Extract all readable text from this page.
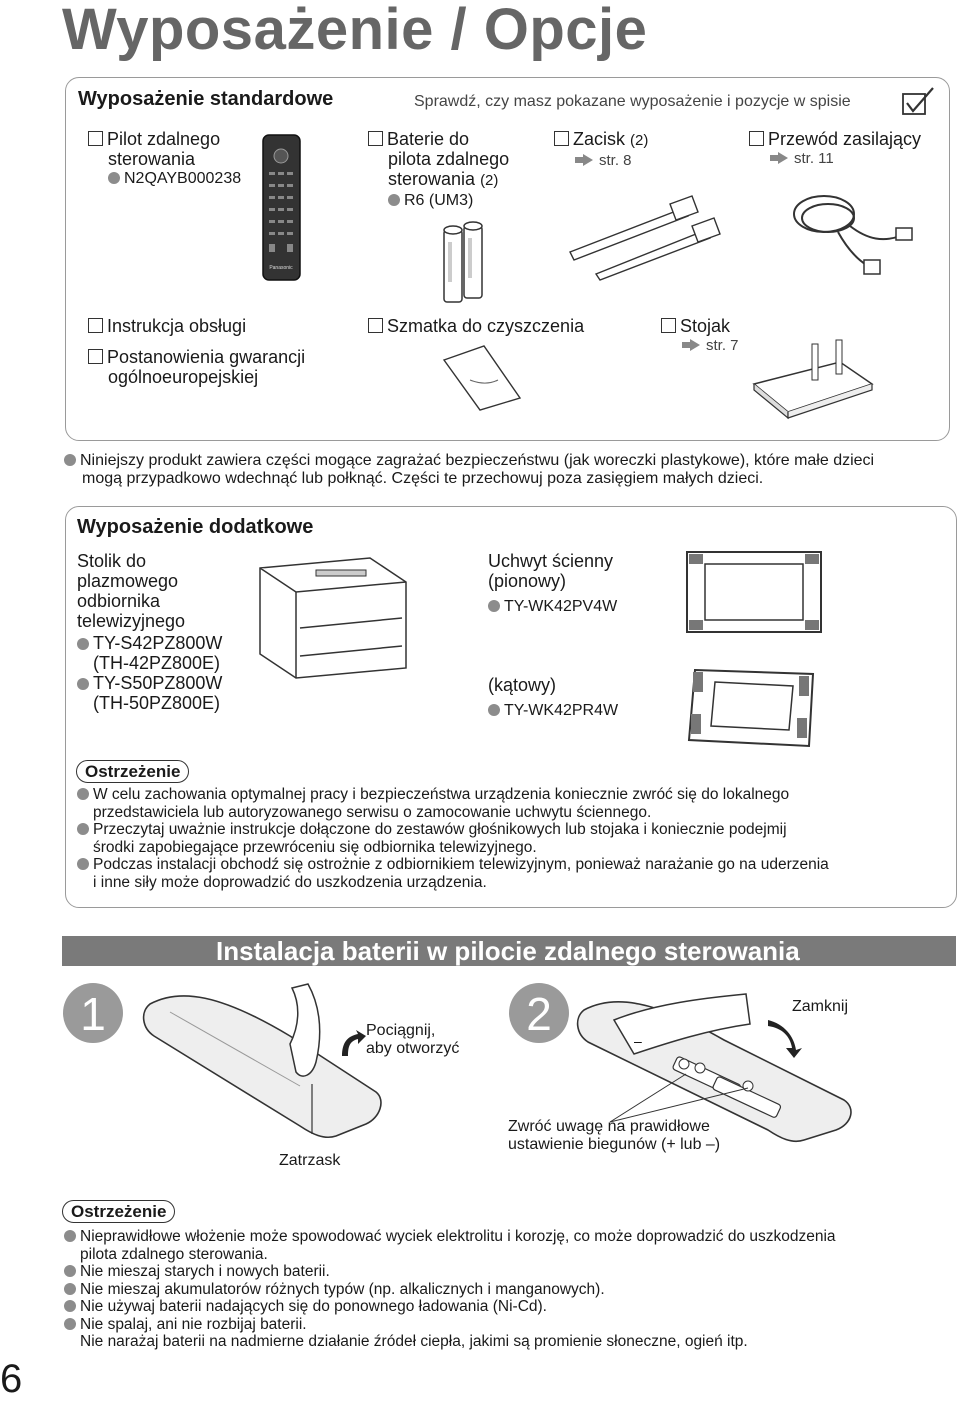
Wyposażenie / Opcje
Wyposażenie standardowe	Sprawdź, czy masz pokazane wyposażenie i pozycje w spisie
Pilot zdalnego
sterowania
N2QAYB000238
Panasonic
Baterie do
pilota zdalnego
sterowania (2)
R6 (UM3)
Zacisk (2)
str. 8
Przewód zasilający
str. 11
Instrukcja obsługi
Postanowienia gwarancji
ogólnoeuropejskiej
Szmatka do czyszczenia	Stojak
str. 7
Niniejszy produkt zawiera części mogące zagrażać bezpieczeństwu (jak woreczki plastykowe), które małe dzieci
mogą przypadkowo wdechnąć lub połknąć. Części te przechowuj poza zasięgiem małych dzieci.
Wyposażenie dodatkowe
Stolik do
plazmowego
odbiornika
telewizyjnego
TY-S42PZ800W
(TH-42PZ800E)
TY-S50PZ800W
(TH-50PZ800E)
Uchwyt ścienny
(pionowy)
TY-WK42PV4W
(kątowy)
TY-WK42PR4W
Ostrzeżenie
W celu zachowania optymalnej pracy i bezpieczeństwa urządzenia koniecznie zwróć się do lokalnego
przedstawiciela lub autoryzowanego serwisu o zamocowanie uchwytu ściennego.
Przeczytaj uważnie instrukcje dołączone do zestawów głośnikowych lub stojaka i koniecznie podejmij
środki zapobiegające przewróceniu się odbiornika telewizyjnego.
Podczas instalacji obchodź się ostrożnie z odbiornikiem telewizyjnym, ponieważ narażanie go na uderzenia
i inne siły może doprowadzić do uszkodzenia urządzenia.
Instalacja baterii w pilocie zdalnego sterowania
1	Pociągnij,
aby otworzyć
Zatrzask
2
–
Zamknij
Zwróć uwagę na prawidłowe
ustawienie biegunów (+ lub –)
Ostrzeżenie
Nieprawidłowe włożenie może spowodować wyciek elektrolitu i korozję, co może doprowadzić do uszkodzenia
pilota zdalnego sterowania.
Nie mieszaj starych i nowych baterii.
Nie mieszaj akumulatorów różnych typów (np. alkalicznych i manganowych).
Nie używaj baterii nadających się do ponownego ładowania (Ni-Cd).
Nie spalaj, ani nie rozbijaj baterii.
Nie narażaj baterii na nadmierne działanie źródeł ciepła, jakimi są promienie słoneczne, ogień itp.
6
